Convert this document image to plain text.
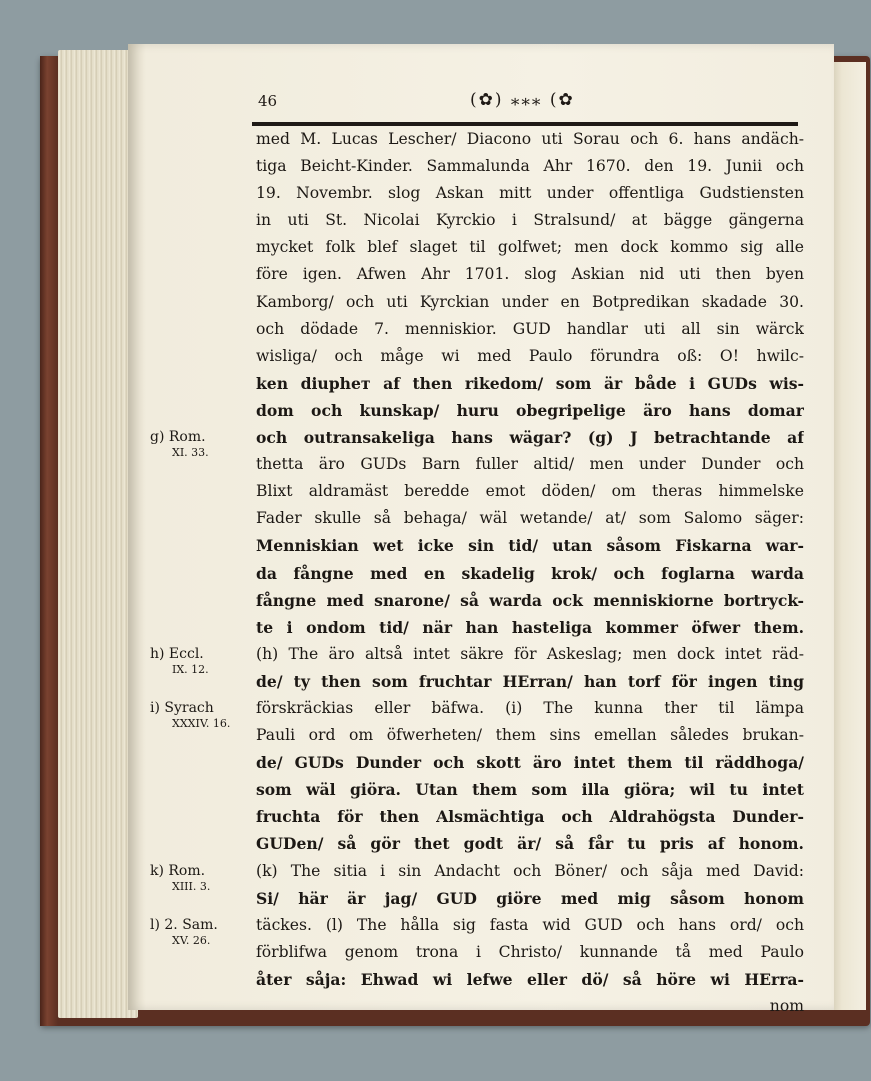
46	(✿) ⁎⁎⁎ (✿
med M. Lucas Lescher/ Diacono uti Sorau och 6. hans andäch-
tiga Beicht-Kinder. Sammalunda Ahr 1670. den 19. Junii och
19. Novembr. slog Askan mitt under offentliga Gudstiensten
in uti St. Nicolai Kyrckio i Stralsund/ at bägge gängerna
mycket folk blef slaget til golfwet; men dock kommo sig alle
före igen. Afwen Ahr 1701. slog Askian nid uti then byen
Kamborg/ och uti Kyrckian under en Botpredikan skadade 30.
och dödade 7. menniskior. GUD handlar uti all sin wärck
wisliga/ och måge wi med Paulo förundra oß: O! hwilc-
ken diupheт af then rikedom/ som är både i GUDs wis-
dom och kunskap/ huru obegripelige äro hans domar
och outransakeliga hans wägar? (g) J betrachtande af
thetta äro GUDs Barn fuller altid/ men under Dunder och
Blixt aldramäst beredde emot döden/ om theras himmelske
Fader skulle så behaga/ wäl wetande/ at/ som Salomo säger:
Menniskian wet icke sin tid/ utan såsom Fiskarna war-
da fångne med en skadelig krok/ och foglarna warda
fångne med snarone/ så warda ock menniskiorne bortryck-
te i ondom tid/ när han hasteliga kommer öfwer them.
(h) The äro altså intet säkre för Askeslag; men dock intet räd-
de/ ty then som fruchtar HErran/ han torf för ingen ting
förskräckias eller bäfwa. (i) The kunna ther til lämpa
Pauli ord om öfwerheten/ them sins emellan således brukan-
de/ GUDs Dunder och skott äro intet them til räddhoga/
som wäl giöra. Utan them som illa giöra; wil tu intet
fruchta för then Alsmächtiga och Aldrahögsta Dunder-
GUDen/ så gör thet godt är/ så får tu pris af honom.
(k) The sitia i sin Andacht och Böner/ och såja med David:
Si/ här är jag/ GUD giöre med mig såsom honom
täckes. (l) The hålla sig fasta wid GUD och hans ord/ och
förblifwa genom trona i Christo/ kunnande tå med Paulo
åter såja: Ehwad wi lefwe eller dö/ så höre wi HErra-
nom
g) Rom.
XI. 33.
h) Eccl.
IX. 12.
i) Syrach
XXXIV. 16.
k) Rom.
XIII. 3.
l) 2. Sam.
XV. 26.
